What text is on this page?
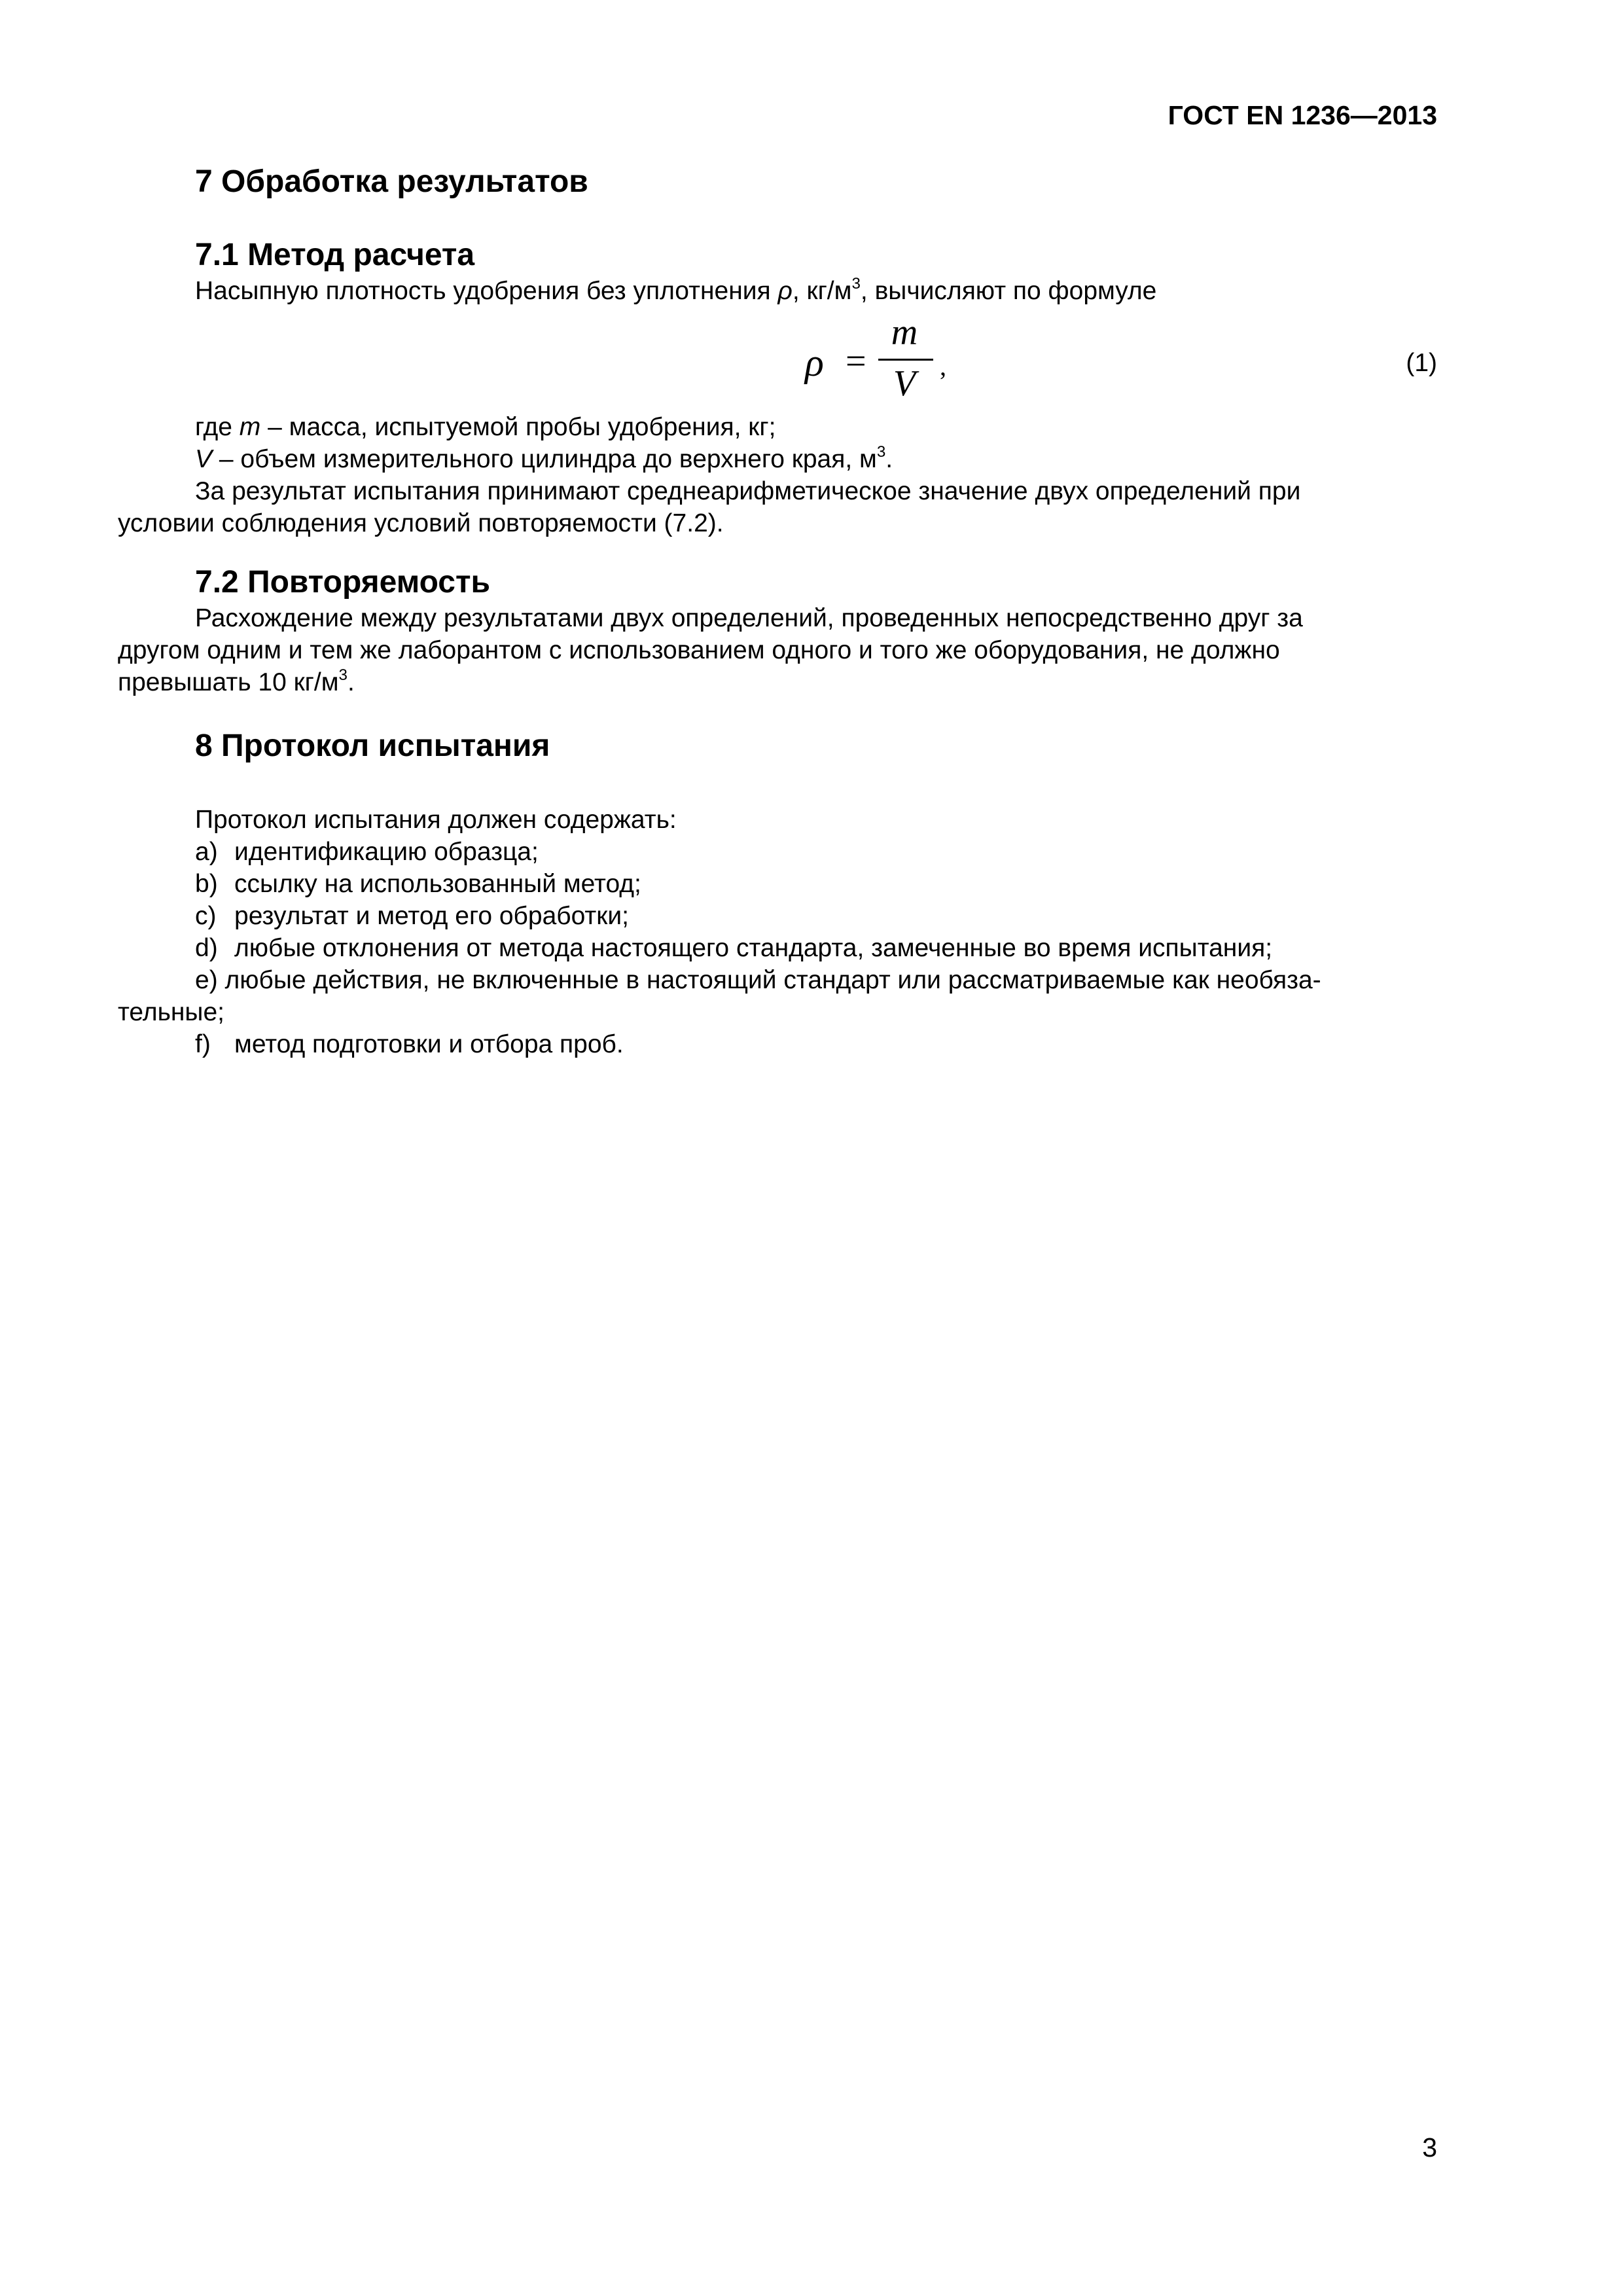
ГОСТ EN 1236—2013
7 Обработка результатов
7.1 Метод расчета
Насыпную плотность удобрения без уплотнения ρ, $кг/м^3$, вычисляют по формуле
ρ =
m
V ,	(1)
где m – масса, испытуемой пробы удобрения, кг;
V – объем измерительного цилиндра до верхнего края, $м^3$.
За результат испытания принимают среднеарифметическое значение двух определений при
условии соблюдения условий повторяемости (7.2).
7.2 Повторяемость
Расхождение между результатами двух определений, проведенных непосредственно друг за
другом одним и тем же лаборантом с использованием одного и того же оборудования, не должно
превышать 10 $кг/м^3$.
8 Протокол испытания
Протокол испытания должен содержать:
a) идентификацию образца;
b) ссылку на использованный метод;
c) результат и метод его обработки;
d) любые отклонения от метода настоящего стандарта, замеченные во время испытания;
e) любые действия, не включенные в настоящий стандарт или рассматриваемые как необяза-
тельные;
f) метод подготовки и отбора проб.
3
